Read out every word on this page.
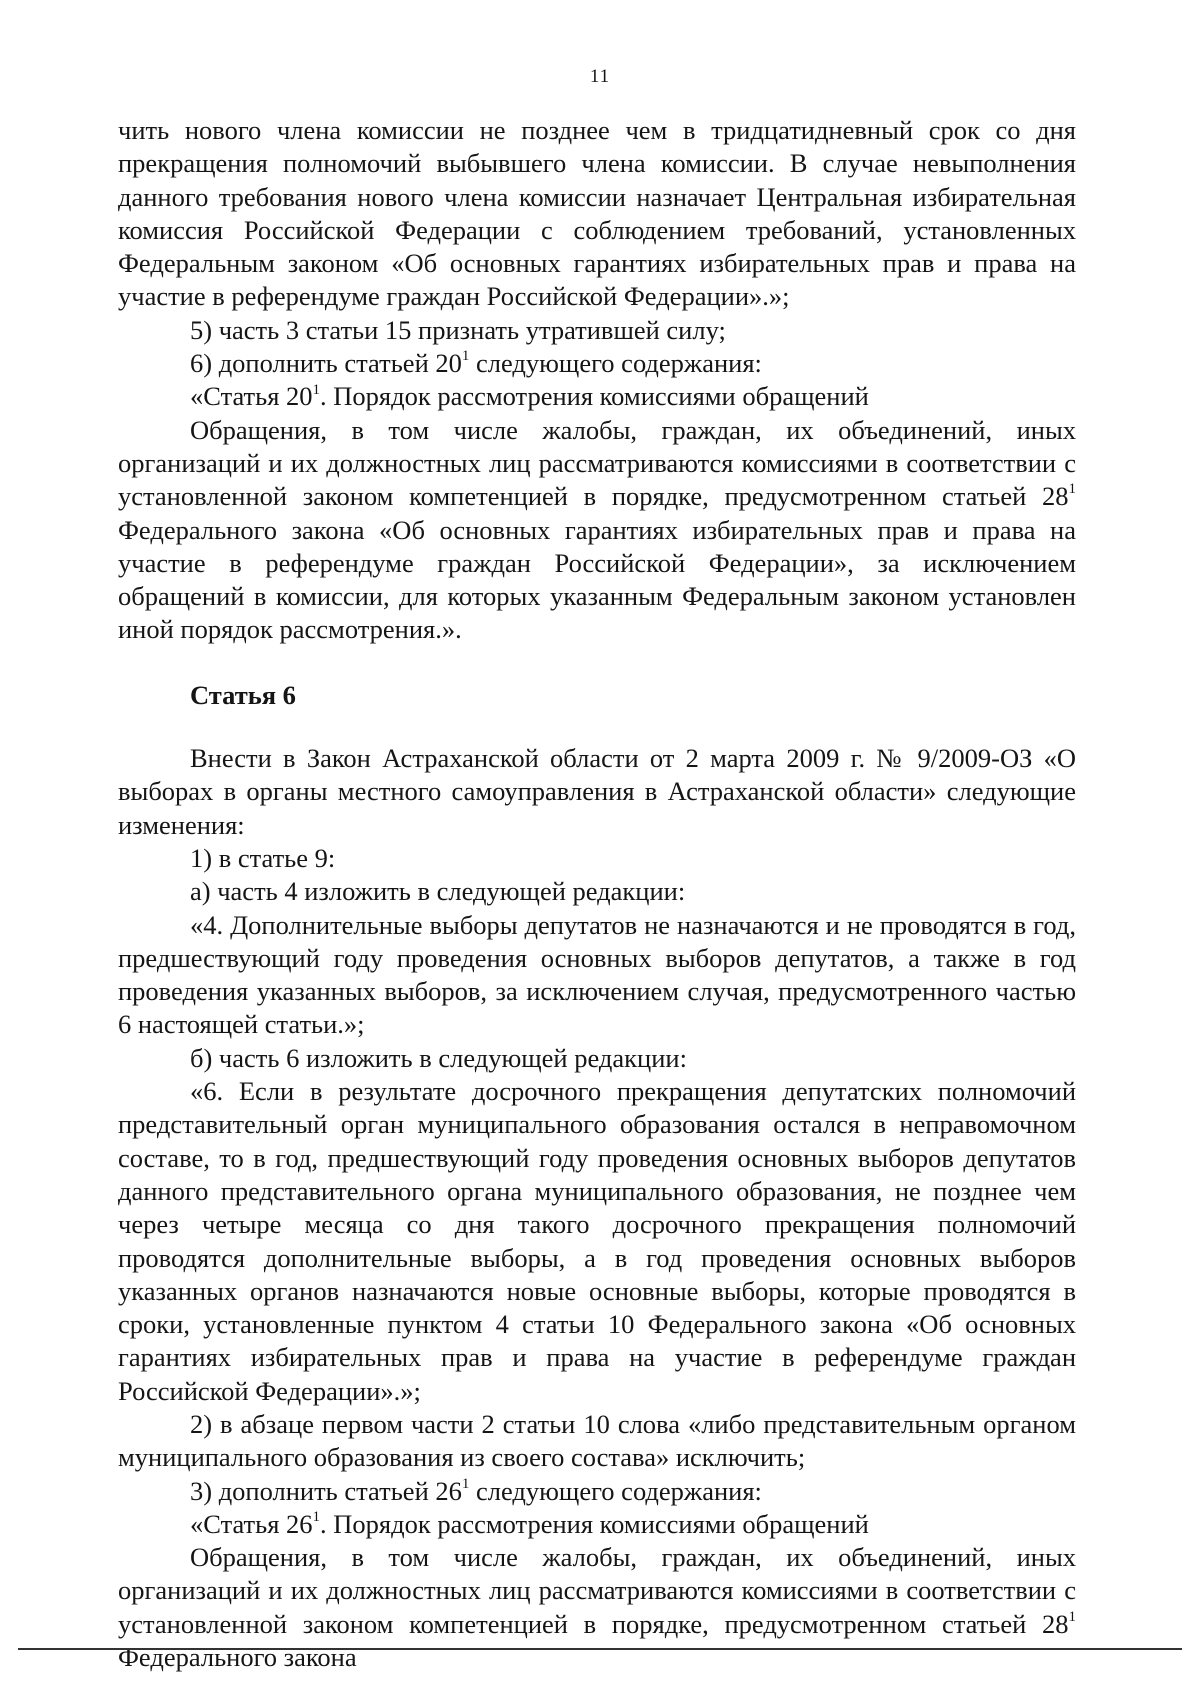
11

чить нового члена комиссии не позднее чем в тридцатидневный срок со дня прекращения полномочий выбывшего члена комиссии. В случае невыполнения данного требования нового члена комиссии назначает Центральная избирательная комиссия Российской Федерации с соблюдением требований, установленных Федеральным законом «Об основных гарантиях избирательных прав и права на участие в референдуме граждан Российской Федерации».»;

5) часть 3 статьи 15 признать утратившей силу;

6) дополнить статьей $20^1$ следующего содержания:

«Статья $20^1$. Порядок рассмотрения комиссиями обращений

Обращения, в том числе жалобы, граждан, их объединений, иных организаций и их должностных лиц рассматриваются комиссиями в соответствии с установленной законом компетенцией в порядке, предусмотренном статьей $28^1$ Федерального закона «Об основных гарантиях избирательных прав и права на участие в референдуме граждан Российской Федерации», за исключением обращений в комиссии, для которых указанным Федеральным законом установлен иной порядок рассмотрения.».

Статья 6

Внести в Закон Астраханской области от 2 марта 2009 г. № 9/2009-ОЗ «О выборах в органы местного самоуправления в Астраханской области» следующие изменения:

1) в статье 9:

а) часть 4 изложить в следующей редакции:

«4. Дополнительные выборы депутатов не назначаются и не проводятся в год, предшествующий году проведения основных выборов депутатов, а также в год проведения указанных выборов, за исключением случая, предусмотренного частью 6 настоящей статьи.»;

б) часть 6 изложить в следующей редакции:

«6. Если в результате досрочного прекращения депутатских полномочий представительный орган муниципального образования остался в неправомочном составе, то в год, предшествующий году проведения основных выборов депутатов данного представительного органа муниципального образования, не позднее чем через четыре месяца со дня такого досрочного прекращения полномочий проводятся дополнительные выборы, а в год проведения основных выборов указанных органов назначаются новые основные выборы, которые проводятся в сроки, установленные пунктом 4 статьи 10 Федерального закона «Об основных гарантиях избирательных прав и права на участие в референдуме граждан Российской Федерации».»;

2) в абзаце первом части 2 статьи 10 слова «либо представительным органом муниципального образования из своего состава» исключить;

3) дополнить статьей $26^1$ следующего содержания:

«Статья $26^1$. Порядок рассмотрения комиссиями обращений

Обращения, в том числе жалобы, граждан, их объединений, иных организаций и их должностных лиц рассматриваются комиссиями в соответствии с установленной законом компетенцией в порядке, предусмотренном статьей $28^1$ Федерального закона
